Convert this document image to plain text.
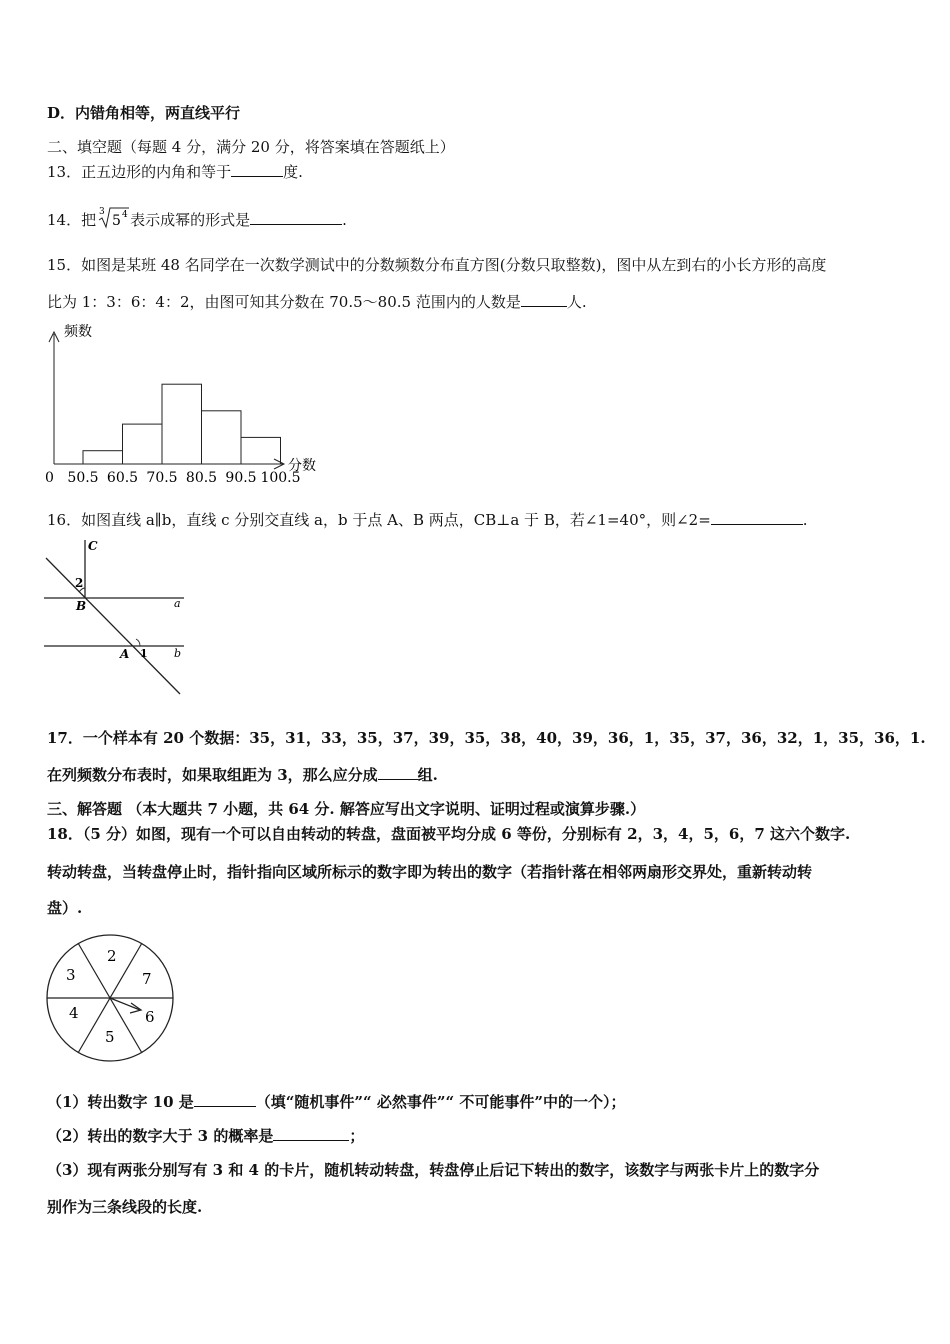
D．内错角相等，两直线平行
二、填空题（每题 4 分，满分 20 分，将答案填在答题纸上）
13．正五边形的内角和等于	度.
14．把 3
5 4 表示成幂的形式是	.
15．如图是某班 48 名同学在一次数学测试中的分数频数分布直方图(分数只取整数)，图中从左到右的小长方形的高度
比为 1：3：6：4：2，由图可知其分数在 70.5～80.5 范围内的人数是	人.
频数
分数
0 50.5 60.5 70.5 80.5 90.5 100.5
16．如图直线 a∥b，直线 c 分别交直线 a，b 于点 A、B 两点，CB⊥a 于 B，若∠1=40°，则∠2=	.
C
2
B	a
A 1 b
17．一个样本有 20 个数据：35，31，33，35，37，39，35，38，40，39，36，1，35，37，36，32，1，35，36，1.
在列频数分布表时，如果取组距为 3，那么应分成	组.
三、解答题 （本大题共 7 小题，共 64 分. 解答应写出文字说明、证明过程或演算步骤.）
18．（5 分）如图，现有一个可以自由转动的转盘，盘面被平均分成 6 等份，分别标有 2，3，4，5，6，7 这六个数字.
转动转盘，当转盘停止时，指针指向区域所标示的数字即为转出的数字（若指针落在相邻两扇形交界处，重新转动转
盘）.
2
7
6
5
4
3
（1）转出数字 10 是	（填“随机事件”“ 必然事件”“ 不可能事件”中的一个）；
（2）转出的数字大于 3 的概率是	；
（3）现有两张分别写有 3 和 4 的卡片，随机转动转盘，转盘停止后记下转出的数字，该数字与两张卡片上的数字分
别作为三条线段的长度.
